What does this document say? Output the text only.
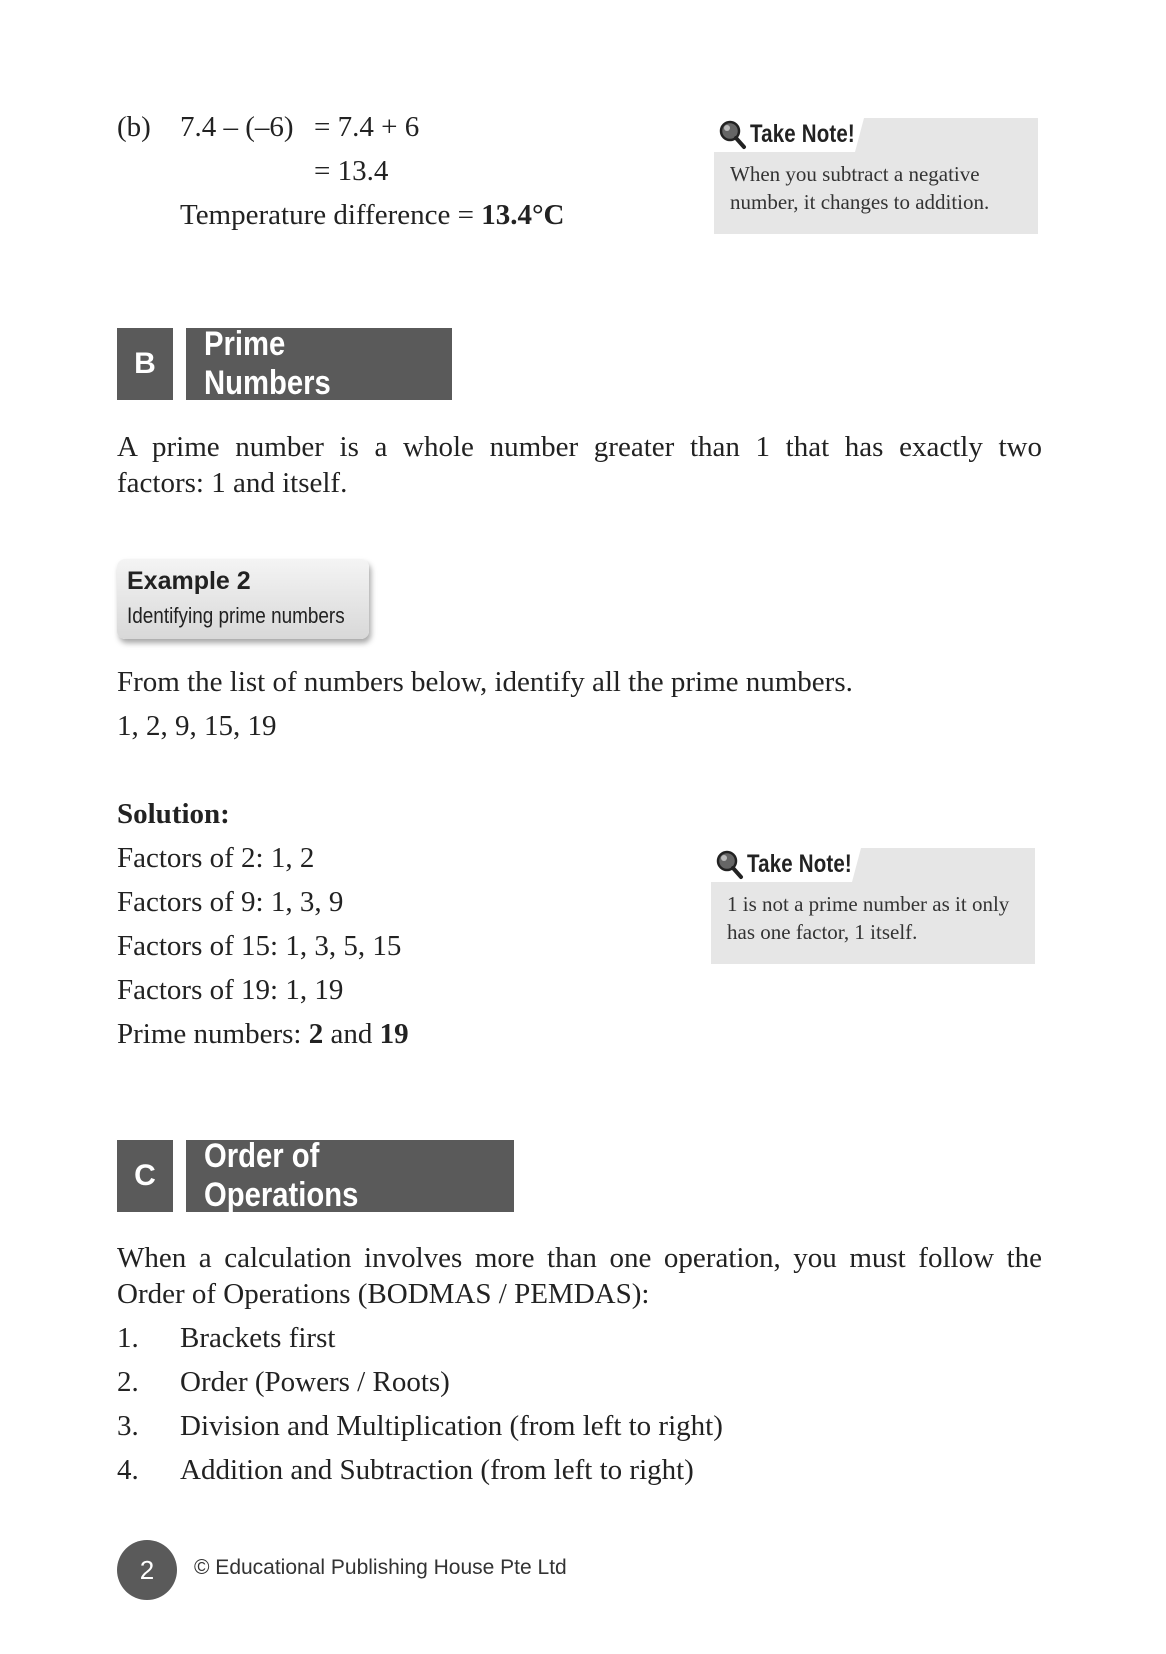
(b) 7.4 – (–6) = 7.4 + 6
= 13.4
Temperature difference = 13.4°C
Take Note!
When you subtract a negative
number, it changes to addition.
B
Prime Numbers
A prime number is a whole number greater than 1 that has exactly two
factors: 1 and itself.
Example 2
Identifying prime numbers
From the list of numbers below, identify all the prime numbers.
1, 2, 9, 15, 19
Solution:
Factors of 2: 1, 2
Factors of 9: 1, 3, 9
Factors of 15: 1, 3, 5, 15
Factors of 19: 1, 19
Prime numbers: 2 and 19
Take Note!
1 is not a prime number as it only
has one factor, 1 itself.
C
Order of Operations
When a calculation involves more than one operation, you must follow the
Order of Operations (BODMAS / PEMDAS):
1. Brackets first
2. Order (Powers / Roots)
3. Division and Multiplication (from left to right)
4. Addition and Subtraction (from left to right)
2	© Educational Publishing House Pte Ltd
